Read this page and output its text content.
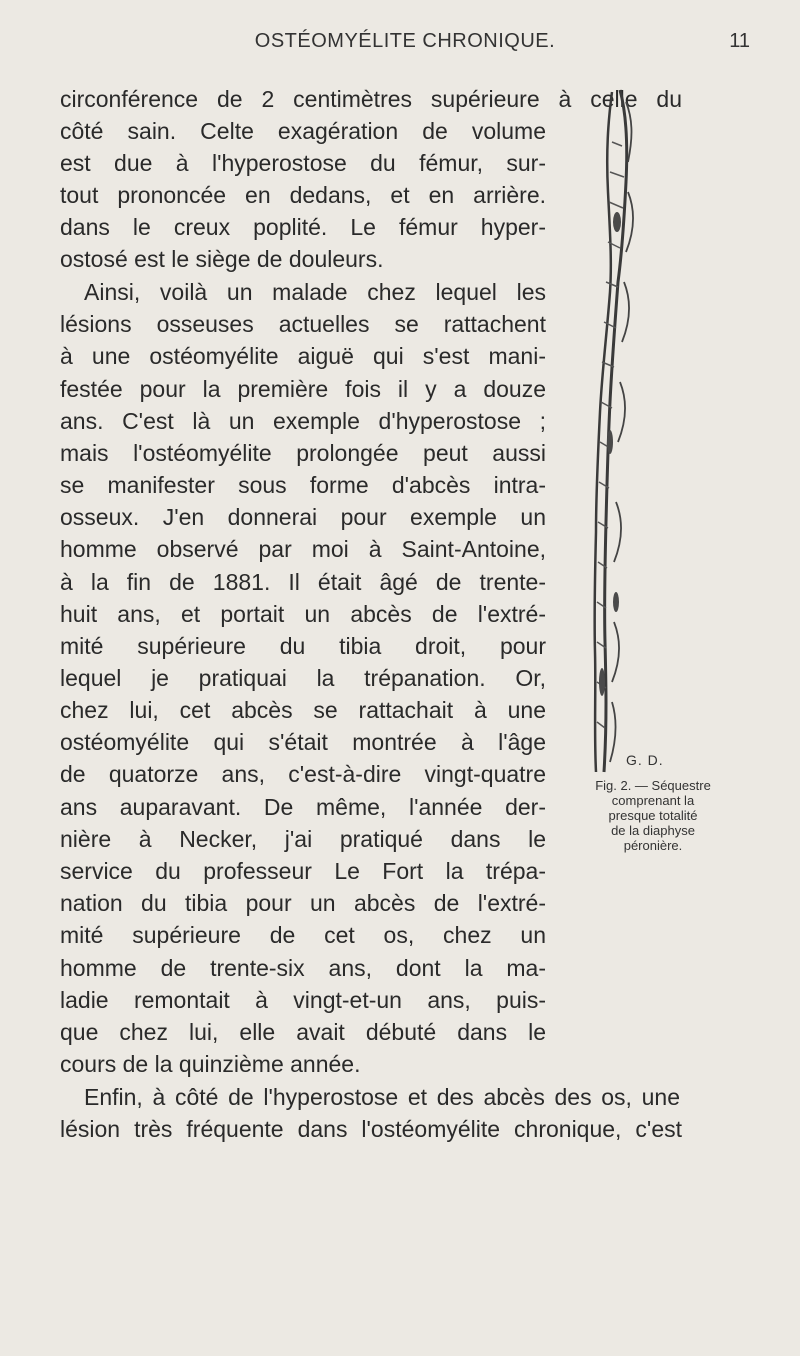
OSTÉOMYÉLITE CHRONIQUE.	11
circonférence de 2 centimètres supérieure à celle du
côté sain. Celte exagération de volume
est due à l'hyperostose du fémur, sur-
tout prononcée en dedans, et en arrière.
dans le creux poplité. Le fémur hyper-
ostosé est le siège de douleurs.
Ainsi, voilà un malade chez lequel les
lésions osseuses actuelles se rattachent
à une ostéomyélite aiguë qui s'est mani-
festée pour la première fois il y a douze
ans. C'est là un exemple d'hyperostose ;
mais l'ostéomyélite prolongée peut aussi
se manifester sous forme d'abcès intra-
osseux. J'en donnerai pour exemple un
homme observé par moi à Saint-Antoine,
à la fin de 1881. Il était âgé de trente-
huit ans, et portait un abcès de l'extré-
mité supérieure du tibia droit, pour
lequel je pratiquai la trépanation. Or,
chez lui, cet abcès se rattachait à une
ostéomyélite qui s'était montrée à l'âge
de quatorze ans, c'est-à-dire vingt-quatre
ans auparavant. De même, l'année der-
nière à Necker, j'ai pratiqué dans le
service du professeur Le Fort la trépa-
nation du tibia pour un abcès de l'extré-
mité supérieure de cet os, chez un
homme de trente-six ans, dont la ma-
ladie remontait à vingt-et-un ans, puis-
que chez lui, elle avait débuté dans le
cours de la quinzième année.
Enfin, à côté de l'hyperostose et des abcès des os, une
lésion très fréquente dans l'ostéomyélite chronique, c'est
G. D.
Fig. 2. — Séquestre
comprenant la
presque totalité
de la diaphyse
péronière.
